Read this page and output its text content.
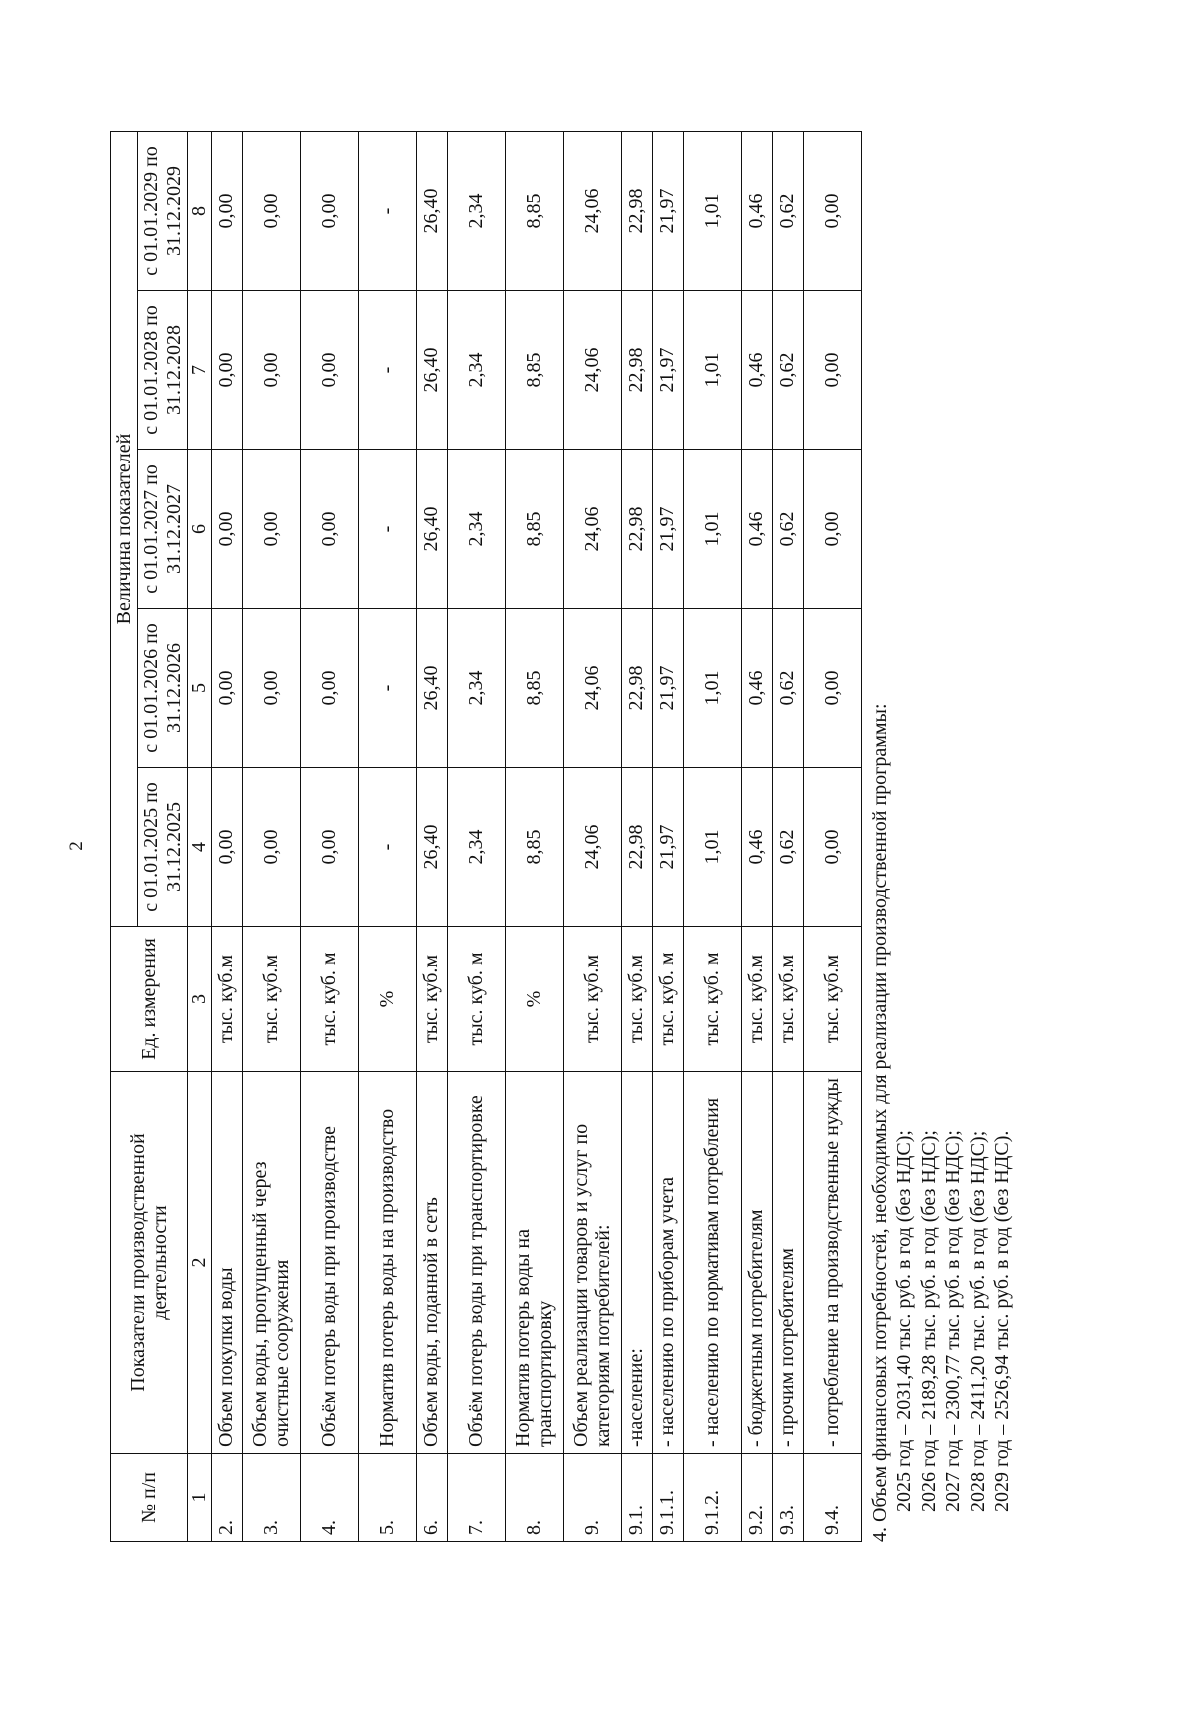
2
№ п/п	Показатели производственной деятельности	Ед. измерения	Величина показателей				
			с 01.01.2025 по 31.12.2025	с 01.01.2026 по 31.12.2026	с 01.01.2027 по 31.12.2027	с 01.01.2028 по 31.12.2028	с 01.01.2029 по 31.12.2029
1	2	3	4	5	6	7	8
2.	Объем покупки воды	тыс. куб.м	0,00	0,00	0,00	0,00	0,00
3.	Объем воды, пропущенный через очистные сооружения	тыс. куб.м	0,00	0,00	0,00	0,00	0,00
4.	Объём потерь воды при производстве	тыс. куб. м	0,00	0,00	0,00	0,00	0,00
5.	Норматив потерь воды на производство	%	-	-	-	-	-
6.	Объем воды, поданной в сеть	тыс. куб.м	26,40	26,40	26,40	26,40	26,40
7.	Объём потерь воды при транспортировке	тыс. куб. м	2,34	2,34	2,34	2,34	2,34
8.	Норматив потерь воды на транспортировку	%	8,85	8,85	8,85	8,85	8,85
9.	Объем реализации товаров и услуг по категориям потребителей:	тыс. куб.м	24,06	24,06	24,06	24,06	24,06
9.1.	-население:	тыс. куб.м	22,98	22,98	22,98	22,98	22,98
9.1.1.	- населению по приборам учета	тыс. куб. м	21,97	21,97	21,97	21,97	21,97
9.1.2.	- населению по нормативам потребления	тыс. куб. м	1,01	1,01	1,01	1,01	1,01
9.2.	- бюджетным потребителям	тыс. куб.м	0,46	0,46	0,46	0,46	0,46
9.3.	- прочим потребителям	тыс. куб.м	0,62	0,62	0,62	0,62	0,62
9.4.	- потребление на производственные нужды	тыс. куб.м	0,00	0,00	0,00	0,00	0,00

4. Объем финансовых потребностей, необходимых для реализации производственной программы: 2025 год – 2031,40 тыс. руб. в год (без НДС); 2026 год – 2189,28 тыс. руб. в год (без НДС); 2027 год – 2300,77 тыс. руб. в год (без НДС); 2028 год – 2411,20 тыс. руб. в год (без НДС); 2029 год – 2526,94 тыс. руб. в год (без НДС).
